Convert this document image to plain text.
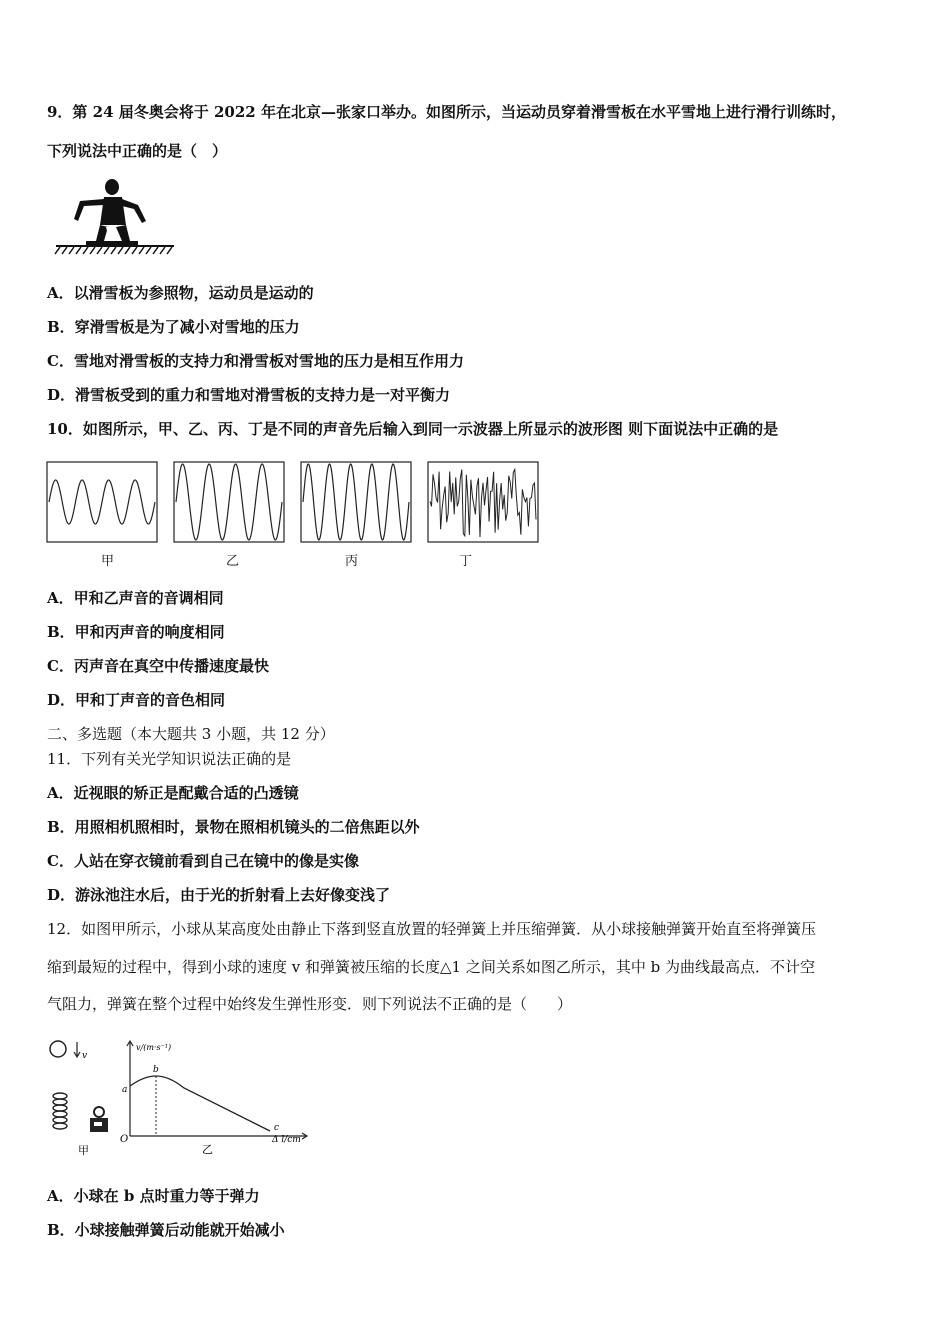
9．第 24 届冬奥会将于 2022 年在北京—张家口举办。如图所示，当运动员穿着滑雪板在水平雪地上进行滑行训练时，
下列说法中正确的是（　）
A．以滑雪板为参照物，运动员是运动的
B．穿滑雪板是为了减小对雪地的压力
C．雪地对滑雪板的支持力和滑雪板对雪地的压力是相互作用力
D．滑雪板受到的重力和雪地对滑雪板的支持力是一对平衡力
10．如图所示，甲、乙、丙、丁是不同的声音先后输入到同一示波器上所显示的波形图 则下面说法中正确的是
甲	乙	丙	丁
A．甲和乙声音的音调相同
B．甲和丙声音的响度相同
C．丙声音在真空中传播速度最快
D．甲和丁声音的音色相同
二、多选题（本大题共 3 小题，共 12 分）
11．下列有关光学知识说法正确的是
A．近视眼的矫正是配戴合适的凸透镜
B．用照相机照相时，景物在照相机镜头的二倍焦距以外
C．人站在穿衣镜前看到自己在镜中的像是实像
D．游泳池注水后，由于光的折射看上去好像变浅了
12．如图甲所示，小球从某高度处由静止下落到竖直放置的轻弹簧上并压缩弹簧．从小球接触弹簧开始直至将弹簧压
缩到最短的过程中，得到小球的速度 v 和弹簧被压缩的长度△1 之间关系如图乙所示，其中 b 为曲线最高点．不计空
气阻力，弹簧在整个过程中始终发生弹性形变．则下列说法不正确的是（　　）
v
甲
v/(m·s⁻¹)
Δ l/cm
O
a
b
c
乙
A．小球在 b 点时重力等于弹力
B．小球接触弹簧后动能就开始减小
